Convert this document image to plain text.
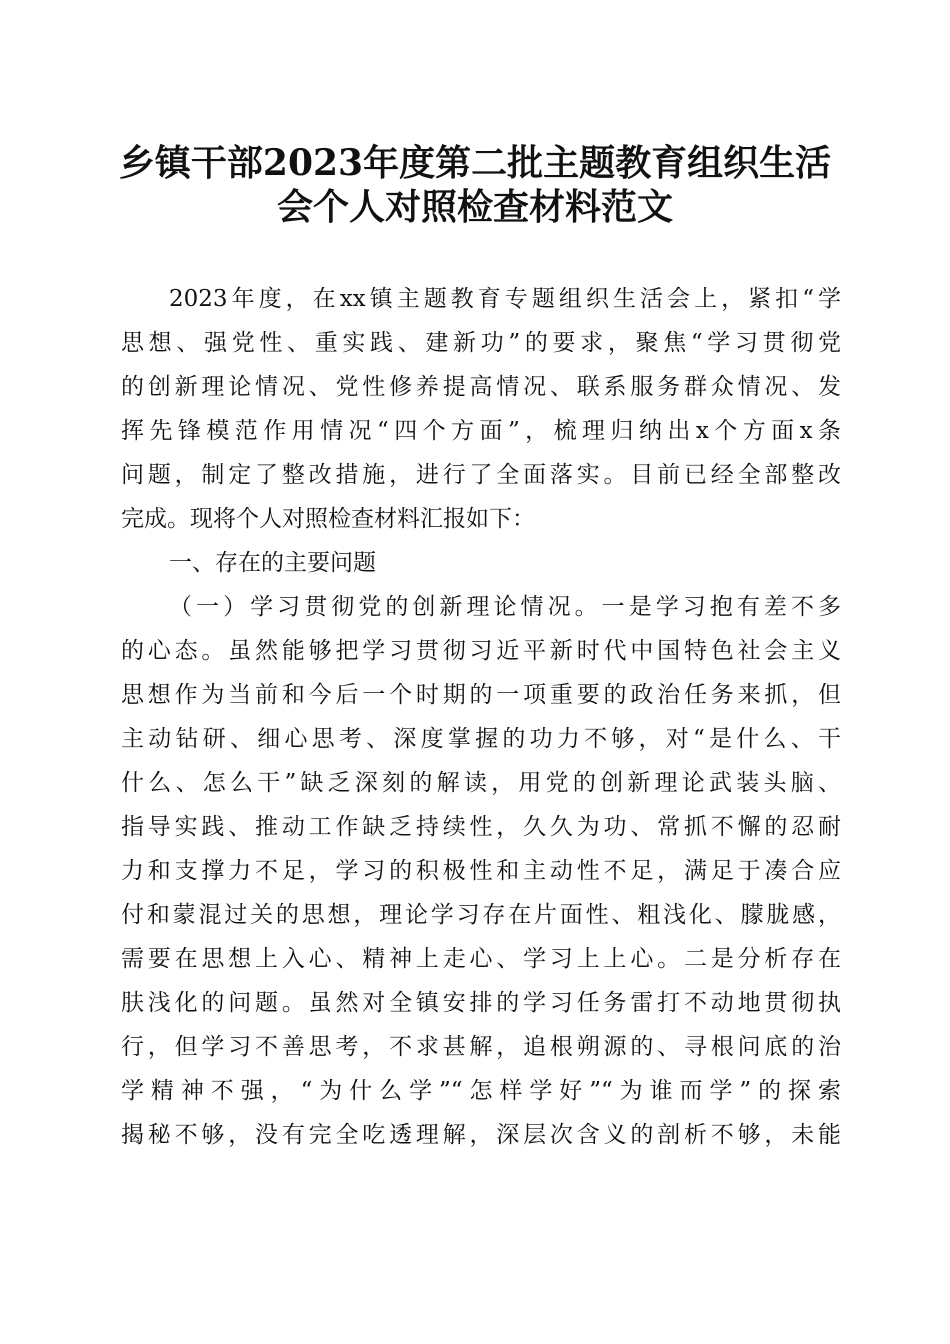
乡镇干部2023年度第二批主题教育组织生活
会个人对照检查材料范文
2023年度，在xx镇主题教育专题组织生活会上，紧扣“学
思想、强党性、重实践、建新功”的要求，聚焦“学习贯彻党
的创新理论情况、党性修养提高情况、联系服务群众情况、发
挥先锋模范作用情况“四个方面”，梳理归纳出x个方面x条
问题，制定了整改措施，进行了全面落实。目前已经全部整改
完成。现将个人对照检查材料汇报如下：
一、存在的主要问题
（一）学习贯彻党的创新理论情况。一是学习抱有差不多
的心态。虽然能够把学习贯彻习近平新时代中国特色社会主义
思想作为当前和今后一个时期的一项重要的政治任务来抓，但
主动钻研、细心思考、深度掌握的功力不够，对“是什么、干
什么、怎么干”缺乏深刻的解读，用党的创新理论武装头脑、
指导实践、推动工作缺乏持续性，久久为功、常抓不懈的忍耐
力和支撑力不足，学习的积极性和主动性不足，满足于凑合应
付和蒙混过关的思想，理论学习存在片面性、粗浅化、朦胧感，
需要在思想上入心、精神上走心、学习上上心。二是分析存在
肤浅化的问题。虽然对全镇安排的学习任务雷打不动地贯彻执
行，但学习不善思考，不求甚解，追根朔源的、寻根问底的治
学精神不强，“为什么学”“怎样学好”“为谁而学”的探索
揭秘不够，没有完全吃透理解，深层次含义的剖析不够，未能
